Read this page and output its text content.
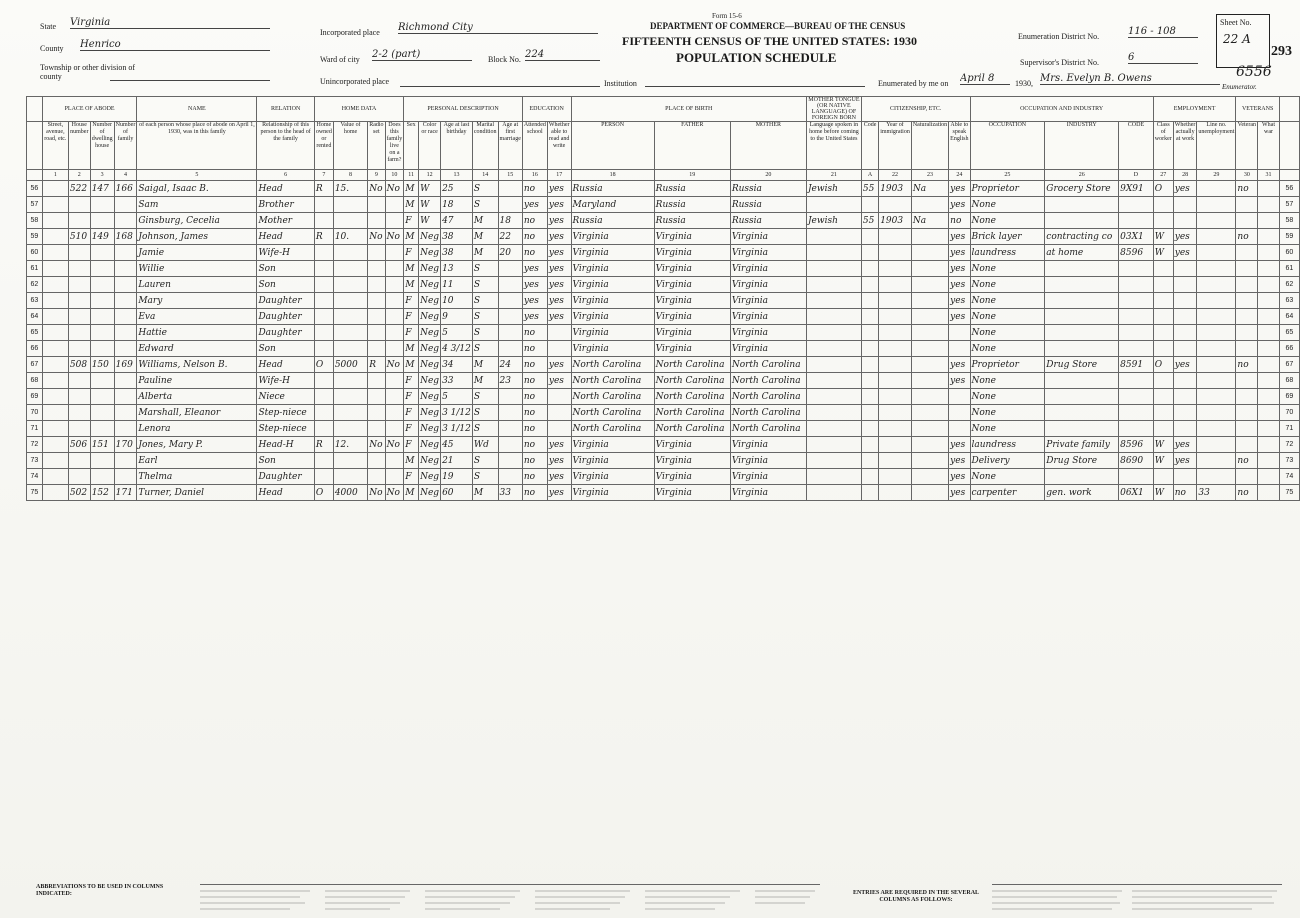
State Virginia
County Henrico
Township or other division of county
Incorporated place Richmond City
Ward of city 2-2 (part)	Block No. 224
Unincorporated place
Form 15-6
DEPARTMENT OF COMMERCE—BUREAU OF THE CENSUS
FIFTEENTH CENSUS OF THE UNITED STATES: 1930
POPULATION SCHEDULE
Institution
Enumeration District No.	116 - 108
Supervisor's District No.	6
Enumerated by me on April 8	1930, Mrs. Evelyn B. Owens
Enumerator.
Sheet No.
22 A
293
6556
	PLACE OF ABODE				NAME	RELATION	HOME DATA				PERSONAL DESCRIPTION					EDUCATION		PLACE OF BIRTH			MOTHER TONGUE (OR NATIVE LANGUAGE) OF FOREIGN BORN	CITIZENSHIP, ETC.				OCCUPATION AND INDUSTRY			EMPLOYMENT			VETERANS		
	Street, avenue, road, etc.	House number	Number of dwelling house	Number of family	of each person whose place of abode on April 1, 1930, was in this family	Relationship of this person to the head of the family	Home owned or rented	Value of home	Radio set	Does this family live on a farm?	Sex	Color or race	Age at last birthday	Marital condition	Age at first marriage	Attended school	Whether able to read and write	PERSON	FATHER	MOTHER	Language spoken in home before coming to the United States	Code	Year of immigration	Naturalization	Able to speak English	OCCUPATION	INDUSTRY	CODE	Class of worker	Whether actually at work	Line no. unemployment	Veteran	What war	
	1	2	3	4	5	6	7	8	9	10	11	12	13	14	15	16	17	18	19	20	21	A	22	23	24	25	26	D	27	28	29	30	31	
56		522	147	166	Saigal, Isaac B.	Head	R	15.	No	No	M	W	25	S		no	yes	Russia	Russia	Russia	Jewish	55	1903	Na	yes	Proprietor	Grocery Store	9X91	O	yes		no		56
57					Sam	Brother					M	W	18	S		yes	yes	Maryland	Russia	Russia					yes	None								57
58					Ginsburg, Cecelia	Mother					F	W	47	M	18	no	yes	Russia	Russia	Russia	Jewish	55	1903	Na	no	None								58
59		510	149	168	Johnson, James	Head	R	10.	No	No	M	Neg	38	M	22	no	yes	Virginia	Virginia	Virginia					yes	Brick layer	contracting co	03X1	W	yes		no		59
60					Jamie	Wife-H					F	Neg	38	M	20	no	yes	Virginia	Virginia	Virginia					yes	laundress	at home	8596	W	yes				60
61					Willie	Son					M	Neg	13	S		yes	yes	Virginia	Virginia	Virginia					yes	None								61
62					Lauren	Son					M	Neg	11	S		yes	yes	Virginia	Virginia	Virginia					yes	None								62
63					Mary	Daughter					F	Neg	10	S		yes	yes	Virginia	Virginia	Virginia					yes	None								63
64					Eva	Daughter					F	Neg	9	S		yes	yes	Virginia	Virginia	Virginia					yes	None								64
65					Hattie	Daughter					F	Neg	5	S		no		Virginia	Virginia	Virginia						None								65
66					Edward	Son					M	Neg	4 3/12	S		no		Virginia	Virginia	Virginia						None								66
67		508	150	169	Williams, Nelson B.	Head	O	5000	R	No	M	Neg	34	M	24	no	yes	North Carolina	North Carolina	North Carolina					yes	Proprietor	Drug Store	8591	O	yes		no		67
68					Pauline	Wife-H					F	Neg	33	M	23	no	yes	North Carolina	North Carolina	North Carolina					yes	None								68
69					Alberta	Niece					F	Neg	5	S		no		North Carolina	North Carolina	North Carolina						None								69
70					Marshall, Eleanor	Step-niece					F	Neg	3 1/12	S		no		North Carolina	North Carolina	North Carolina						None								70
71					Lenora	Step-niece					F	Neg	3 1/12	S		no		North Carolina	North Carolina	North Carolina						None								71
72		506	151	170	Jones, Mary P.	Head-H	R	12.	No	No	F	Neg	45	Wd		no	yes	Virginia	Virginia	Virginia					yes	laundress	Private family	8596	W	yes				72
73					Earl	Son					M	Neg	21	S		no	yes	Virginia	Virginia	Virginia					yes	Delivery	Drug Store	8690	W	yes		no		73
74					Thelma	Daughter					F	Neg	19	S		no	yes	Virginia	Virginia	Virginia					yes	None								74
75		502	152	171	Turner, Daniel	Head	O	4000	No	No	M	Neg	60	M	33	no	yes	Virginia	Virginia	Virginia					yes	carpenter	gen. work	06X1	W	no	33	no		75
ABBREVIATIONS TO BE USED IN COLUMNS INDICATED:	ENTRIES ARE REQUIRED IN THE SEVERAL COLUMNS AS FOLLOWS:
